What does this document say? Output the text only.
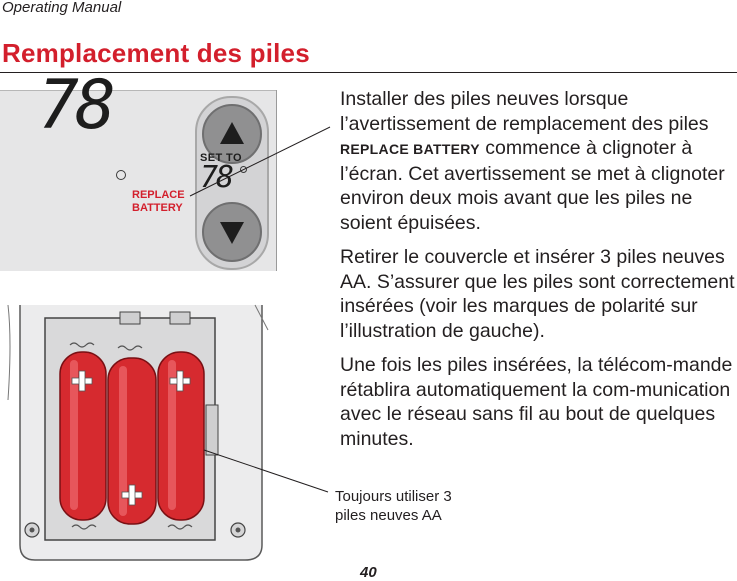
Operating Manual
Remplacement des piles
78
REPLACE
BATTERY
SET TO
78

Installer des piles neuves lorsque l’avertissement de remplacement des piles REPLACE BATTERY commence à clignoter à l’écran. Cet avertissement se met à clignoter environ deux mois avant que les piles ne soient épuisées.

Retirer le couvercle et insérer 3 piles neuves AA. S’assurer que les piles sont correctement insérées (voir les marques de polarité sur l’illustration de gauche).

Une fois les piles insérées, la télécom-mande rétablira automatiquement la com-munication avec le réseau sans fil au bout de quelques minutes.

Toujours utiliser 3
piles neuves AA
40
